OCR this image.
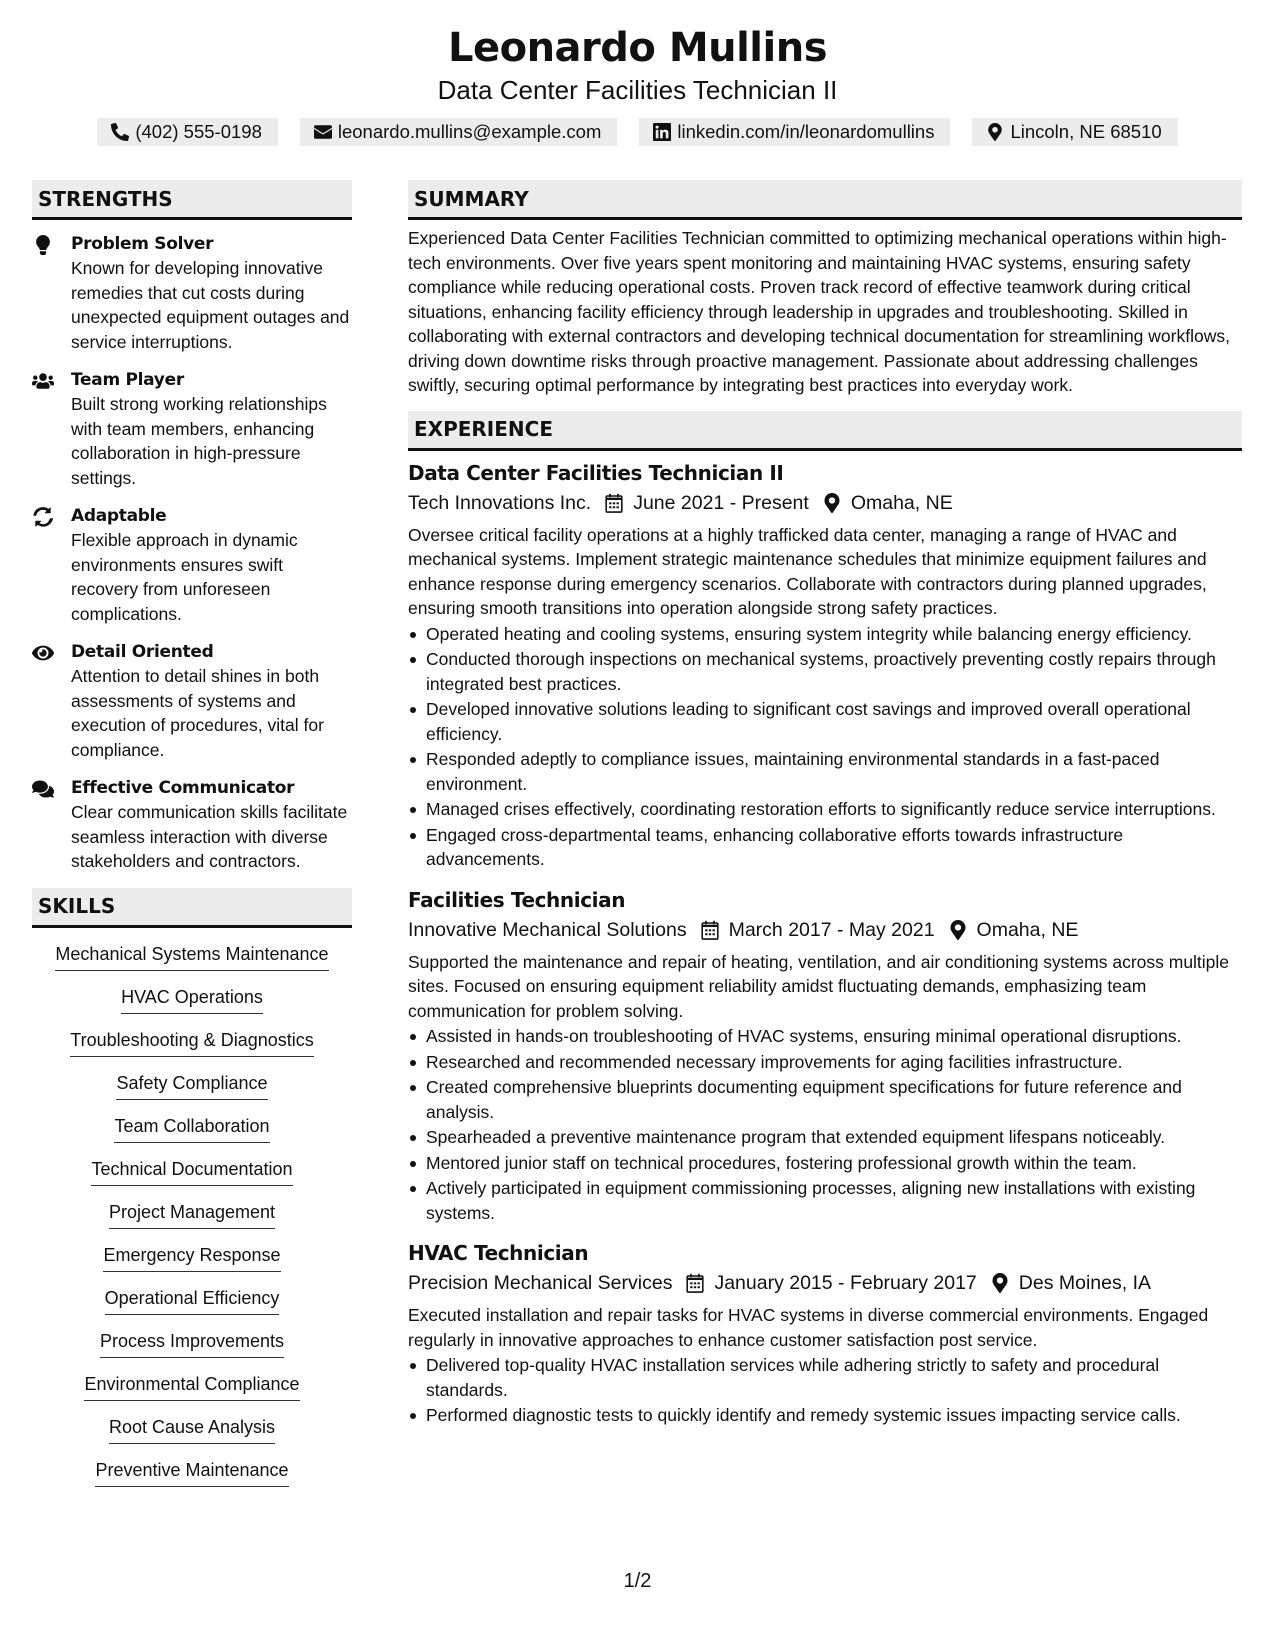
Leonardo Mullins
Data Center Facilities Technician II
(402) 555-0198	leonardo.mullins@example.com	linkedin.com/in/leonardomullins	Lincoln, NE 68510
STRENGTHS
Problem Solver
Known for developing innovative remedies that cut costs during unexpected equipment outages and service interruptions.
Team Player
Built strong working relationships with team members, enhancing collaboration in high-pressure settings.
Adaptable
Flexible approach in dynamic environments ensures swift recovery from unforeseen complications.
Detail Oriented
Attention to detail shines in both assessments of systems and execution of procedures, vital for compliance.
Effective Communicator
Clear communication skills facilitate seamless interaction with diverse stakeholders and contractors.
SKILLS
Mechanical Systems Maintenance
HVAC Operations
Troubleshooting & Diagnostics
Safety Compliance
Team Collaboration
Technical Documentation
Project Management
Emergency Response
Operational Efficiency
Process Improvements
Environmental Compliance
Root Cause Analysis
Preventive Maintenance
SUMMARY
Experienced Data Center Facilities Technician committed to optimizing mechanical operations within high-tech environments. Over five years spent monitoring and maintaining HVAC systems, ensuring safety compliance while reducing operational costs. Proven track record of effective teamwork during critical situations, enhancing facility efficiency through leadership in upgrades and troubleshooting. Skilled in collaborating with external contractors and developing technical documentation for streamlining workflows, driving down downtime risks through proactive management. Passionate about addressing challenges swiftly, securing optimal performance by integrating best practices into everyday work.
EXPERIENCE
Data Center Facilities Technician II
Tech Innovations Inc. June 2021 - Present Omaha, NE
Oversee critical facility operations at a highly trafficked data center, managing a range of HVAC and mechanical systems. Implement strategic maintenance schedules that minimize equipment failures and enhance response during emergency scenarios. Collaborate with contractors during planned upgrades, ensuring smooth transitions into operation alongside strong safety practices.
Operated heating and cooling systems, ensuring system integrity while balancing energy efficiency.
Conducted thorough inspections on mechanical systems, proactively preventing costly repairs through integrated best practices.
Developed innovative solutions leading to significant cost savings and improved overall operational efficiency.
Responded adeptly to compliance issues, maintaining environmental standards in a fast-paced environment.
Managed crises effectively, coordinating restoration efforts to significantly reduce service interruptions.
Engaged cross-departmental teams, enhancing collaborative efforts towards infrastructure advancements.
Facilities Technician
Innovative Mechanical Solutions March 2017 - May 2021 Omaha, NE
Supported the maintenance and repair of heating, ventilation, and air conditioning systems across multiple sites. Focused on ensuring equipment reliability amidst fluctuating demands, emphasizing team communication for problem solving.
Assisted in hands-on troubleshooting of HVAC systems, ensuring minimal operational disruptions.
Researched and recommended necessary improvements for aging facilities infrastructure.
Created comprehensive blueprints documenting equipment specifications for future reference and analysis.
Spearheaded a preventive maintenance program that extended equipment lifespans noticeably.
Mentored junior staff on technical procedures, fostering professional growth within the team.
Actively participated in equipment commissioning processes, aligning new installations with existing systems.
HVAC Technician
Precision Mechanical Services January 2015 - February 2017 Des Moines, IA
Executed installation and repair tasks for HVAC systems in diverse commercial environments. Engaged regularly in innovative approaches to enhance customer satisfaction post service.
Delivered top-quality HVAC installation services while adhering strictly to safety and procedural standards.
Performed diagnostic tests to quickly identify and remedy systemic issues impacting service calls.
1/2
